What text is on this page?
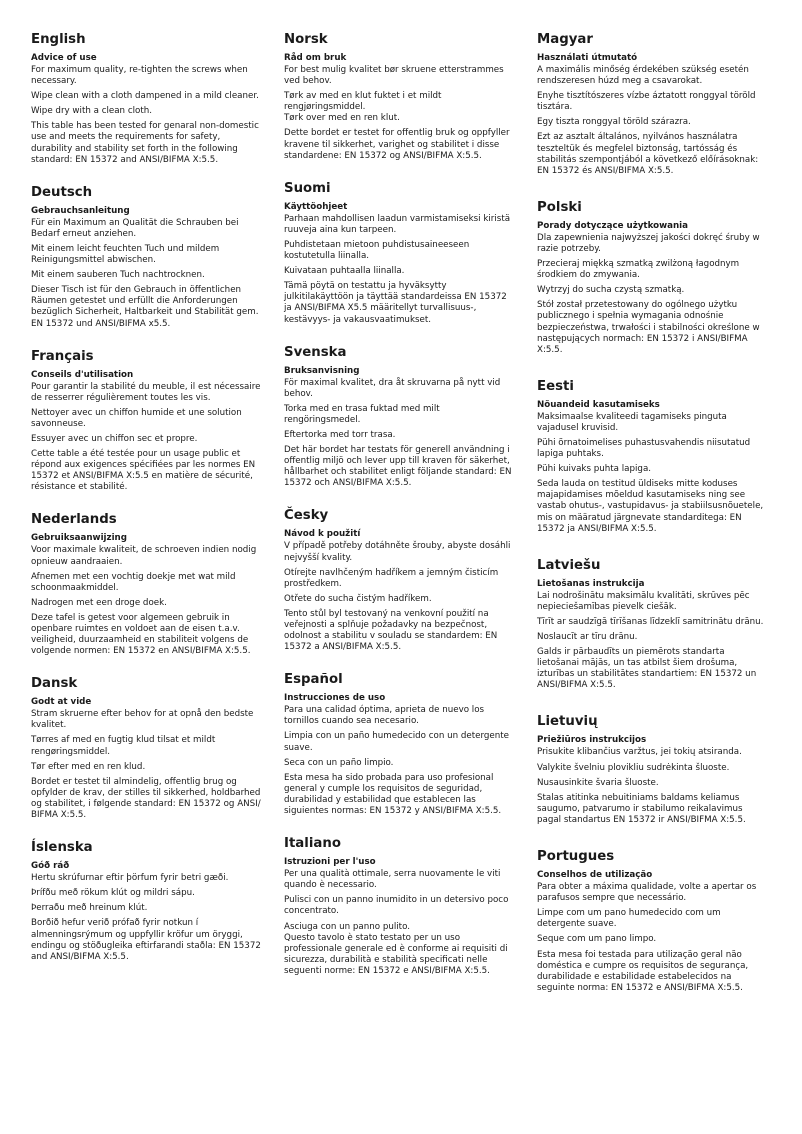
English
Advice of use
For maximum quality, re-tighten the screws when necessary.
Wipe clean with a cloth dampened in a mild cleaner.
Wipe dry with a clean cloth.
This table has been tested for genaral non-domestic use and meets the requirements for safety, durability and stability set forth in the following standard: EN 15372 and ANSI/BIFMA X:5.5.
Deutsch
Gebrauchsanleitung
Für ein Maximum an Qualität die Schrauben bei Bedarf erneut anziehen.
Mit einem leicht feuchten Tuch und mildem Reinigungsmittel abwischen.
Mit einem sauberen Tuch nachtrocknen.
Dieser Tisch ist für den Gebrauch in öffentlichen Räumen getestet und erfüllt die Anforderungen bezüglich Sicherheit, Haltbarkeit und Stabilität gem. EN 15372 und ANSI/BIFMA x5.5.
Français
Conseils d'utilisation
Pour garantir la stabilité du meuble, il est nécessaire de resserrer régulièrement toutes les vis.
Nettoyer avec un chiffon humide et une solution savonneuse.
Essuyer avec un chiffon sec et propre.
Cette table a été testée pour un usage public et répond aux exigences spécifiées par les normes EN 15372 et ANSI/BIFMA X:5.5 en matière de sécurité, résistance et stabilité.
Nederlands
Gebruiksaanwijzing
Voor maximale kwaliteit, de schroeven indien nodig opnieuw aandraaien.
Afnemen met een vochtig doekje met wat mild schoonmaakmiddel.
Nadrogen met een droge doek.
Deze tafel is getest voor algemeen gebruik in openbare ruimtes en voldoet aan de eisen t.a.v. veiligheid, duurzaamheid en stabiliteit volgens de volgende normen: EN 15372 en ANSI/BIFMA X:5.5.
Dansk
Godt at vide
Stram skruerne efter behov for at opnå den bedste kvalitet.
Tørres af med en fugtig klud tilsat et mildt rengøringsmiddel.
Tør efter med en ren klud.
Bordet er testet til almindelig, offentlig brug og opfylder de krav, der stilles til sikkerhed, holdbarhed og stabilitet, i følgende standard: EN 15372 og ANSI/ BIFMA X:5.5.
Íslenska
Góð ráð
Hertu skrúfurnar eftir þörfum fyrir betri gæði.
Þrífðu með rökum klút og mildri sápu.
Þerraðu með hreinum klút.
Borðið hefur verið prófað fyrir notkun í almenningsrýmum og uppfyllir kröfur um öryggi, endingu og stöðugleika eftirfarandi staðla: EN 15372 and ANSI/BIFMA X:5.5.
Norsk
Råd om bruk
For best mulig kvalitet bør skruene etterstrammes ved behov.
Tørk av med en klut fuktet i et mildt rengjøringsmiddel.
Tørk over med en ren klut.
Dette bordet er testet for offentlig bruk og oppfyller kravene til sikkerhet, varighet og stabilitet i disse standardene: EN 15372 og ANSI/BIFMA X:5.5.
Suomi
Käyttöohjeet
Parhaan mahdollisen laadun varmistamiseksi kiristä ruuveja aina kun tarpeen.
Puhdistetaan mietoon puhdistusaineeseen kostutetulla liinalla.
Kuivataan puhtaalla liinalla.
Tämä pöytä on testattu ja hyväksytty julkitilakäyttöön ja täyttää standardeissa EN 15372 ja ANSI/BIFMA X5.5 määritellyt turvallisuus-, kestävyys- ja vakausvaatimukset.
Svenska
Bruksanvisning
För maximal kvalitet, dra åt skruvarna på nytt vid behov.
Torka med en trasa fuktad med milt rengöringsmedel.
Eftertorka med torr trasa.
Det här bordet har testats för generell användning i offentlig miljö och lever upp till kraven för säkerhet, hållbarhet och stabilitet enligt följande standard: EN 15372 och ANSI/BIFMA X:5.5.
Česky
Návod k použití
V případě potřeby dotáhněte šrouby, abyste dosáhli nejvyšší kvality.
Otírejte navlhčeným hadříkem a jemným čisticím prostředkem.
Otřete do sucha čistým hadříkem.
Tento stůl byl testovaný na venkovní použití na veřejnosti a splňuje požadavky na bezpečnost, odolnost a stabilitu v souladu se standardem: EN 15372 a ANSI/BIFMA X:5.5.
Español
Instrucciones de uso
Para una calidad óptima, aprieta de nuevo los tornillos cuando sea necesario.
Limpia con un paño humedecido con un detergente suave.
Seca con un paño limpio.
Esta mesa ha sido probada para uso profesional general y cumple los requisitos de seguridad, durabilidad y estabilidad que establecen las siguientes normas: EN 15372 y ANSI/BIFMA X:5.5.
Italiano
Istruzioni per l'uso
Per una qualità ottimale, serra nuovamente le viti quando è necessario.
Pulisci con un panno inumidito in un detersivo poco concentrato.
Asciuga con un panno pulito.
Questo tavolo è stato testato per un uso professionale generale ed è conforme ai requisiti di sicurezza, durabilità e stabilità specificati nelle seguenti norme: EN 15372 e ANSI/BIFMA X:5.5.
Magyar
Használati útmutató
A maximális minőség érdekében szükség esetén rendszeresen húzd meg a csavarokat.
Enyhe tisztítószeres vízbe áztatott ronggyal töröld tisztára.
Egy tiszta ronggyal töröld szárazra.
Ezt az asztalt általános, nyilvános használatra teszteltük és megfelel biztonság, tartósság és stabilitás szempontjából a következő előírásoknak: EN 15372 és ANSI/BIFMA X:5.5.
Polski
Porady dotyczące użytkowania
Dla zapewnienia najwyższej jakości dokręć śruby w razie potrzeby.
Przecieraj miękką szmatką zwilżoną łagodnym środkiem do zmywania.
Wytrzyj do sucha czystą szmatką.
Stół został przetestowany do ogólnego użytku publicznego i spełnia wymagania odnośnie bezpieczeństwa, trwałości i stabilności określone w następujących normach: EN 15372 i ANSI/BIFMA X:5.5.
Eesti
Nõuandeid kasutamiseks
Maksimaalse kvaliteedi tagamiseks pinguta vajadusel kruvisid.
Pühi õrnatoimelises puhastusvahendis niisutatud lapiga puhtaks.
Pühi kuivaks puhta lapiga.
Seda lauda on testitud üldiseks mitte koduses majapidamises mõeldud kasutamiseks ning see vastab ohutus-, vastupidavus- ja stabiilsusnõuetele, mis on määratud järgnevate standarditega: EN 15372 ja ANSI/BIFMA X:5.5.
Latviešu
Lietošanas instrukcija
Lai nodrošinātu maksimālu kvalitāti, skrūves pēc nepieciešamības pievelk ciešāk.
Tīrīt ar saudzīgā tīrīšanas līdzeklī samitrinātu drānu.
Noslaucīt ar tīru drānu.
Galds ir pārbaudīts un piemērots standarta lietošanai mājās, un tas atbilst šiem drošuma, izturības un stabilitātes standartiem: EN 15372 un ANSI/BIFMA X:5.5.
Lietuvių
Priežiūros instrukcijos
Prisukite klibančius varžtus, jei tokių atsiranda.
Valykite švelniu plovikliu sudrėkinta šluoste.
Nusausinkite švaria šluoste.
Stalas atitinka nebuitiniams baldams keliamus saugumo, patvarumo ir stabilumo reikalavimus pagal standartus EN 15372 ir ANSI/BIFMA X:5.5.
Portugues
Conselhos de utilização
Para obter a máxima qualidade, volte a apertar os parafusos sempre que necessário.
Limpe com um pano humedecido com um detergente suave.
Seque com um pano limpo.
Esta mesa foi testada para utilização geral não doméstica e cumpre os requisitos de segurança, durabilidade e estabilidade estabelecidos na seguinte norma: EN 15372 e ANSI/BIFMA X:5.5.
